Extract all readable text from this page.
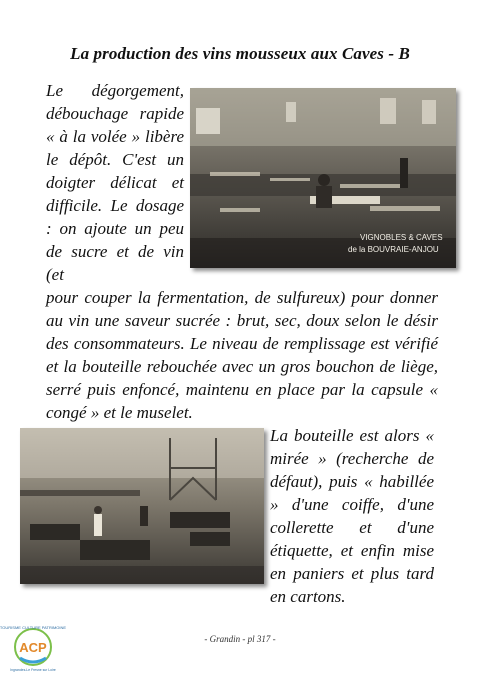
La production des vins mousseux aux Caves - B

Le dégorgement, débouchage rapide « à la volée » libère le dépôt. C'est un doigter délicat et difficile. Le dosage : on ajoute un peu de sucre et de vin (et

pour couper la fermentation, de sulfureux) pour donner au vin une saveur sucrée : brut, sec, doux selon le désir des consommateurs. Le niveau de remplissage est vérifié et la bouteille rebouchée avec un gros bouchon de liège, serré puis enfoncé, maintenu en place par la capsule « congé » et le muselet.

VIGNOBLES & CAVES
de la BOUVRAIE-ANJOU

La bouteille est alors « mirée » (recherche de défaut), puis « habillée » d'une coiffe, d'une collerette et d'une étiquette, et enfin mise en paniers et plus tard en cartons.

ACP
TOURISME CULTURE PATRIMOINE
Ingrandes-Le Fresne sur Loire
- Grandin - pl 317 -
